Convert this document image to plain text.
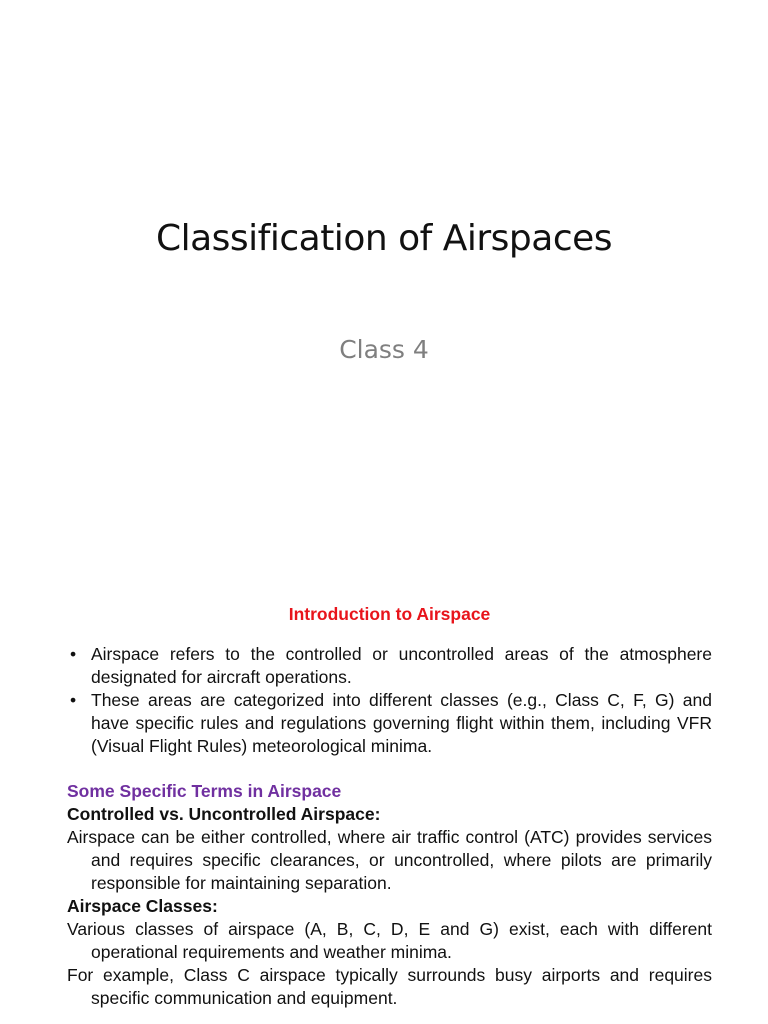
Classification of Airspaces
Class 4
Introduction to Airspace
• Airspace refers to the controlled or uncontrolled areas of the atmosphere designated for aircraft operations.
• These areas are categorized into different classes (e.g., Class C, F, G) and have specific rules and regulations governing flight within them, including VFR (Visual Flight Rules) meteorological minima.
Some Specific Terms in Airspace
Controlled vs. Uncontrolled Airspace:
Airspace can be either controlled, where air traffic control (ATC) provides services and requires specific clearances, or uncontrolled, where pilots are primarily responsible for maintaining separation.
Airspace Classes:
Various classes of airspace (A, B, C, D, E and G) exist, each with different operational requirements and weather minima.
For example, Class C airspace typically surrounds busy airports and requires specific communication and equipment.
